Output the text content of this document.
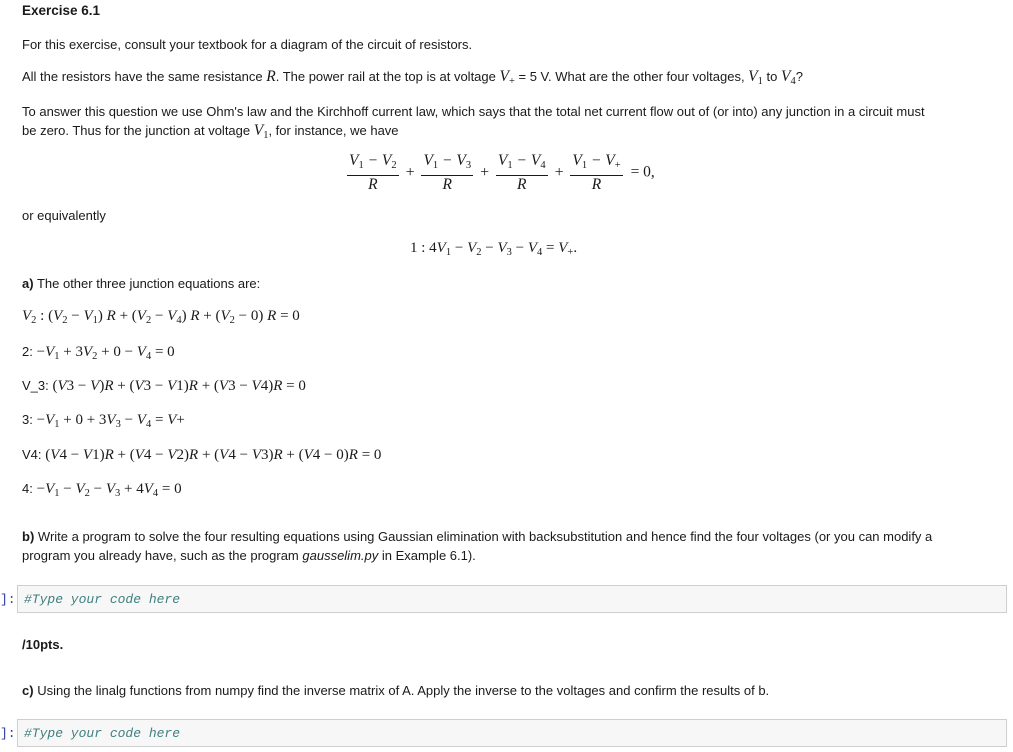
Exercise 6.1
For this exercise, consult your textbook for a diagram of the circuit of resistors.
All the resistors have the same resistance R. The power rail at the top is at voltage $V_+ = 5$ V. What are the other four voltages, $V_1$ to $V_4$?
To answer this question we use Ohm's law and the Kirchhoff current law, which says that the total net current flow out of (or into) any junction in a circuit must
be zero. Thus for the junction at voltage $V_1$, for instance, we have
$\frac{V_1 - V_2}{R} + \frac{V_1 - V_3}{R} + \frac{V_1 - V_4}{R} + \frac{V_1 - V_+}{R} = 0$,
or equivalently
1 : $4V_1 - V_2 - V_3 - V_4 = V_+$.
a) The other three junction equations are:
$V_2$ : $(V_2 - V_1) R + (V_2 - V_4) R + (V_2 - 0) R = 0$
2: $-V_1 + 3V_2 + 0 - V_4 = 0$
V_3: (V3 − V)R + (V3 − V1)R + (V3 − V4)R = 0
3: $-V_1 + 0 + 3V_3 - V_4 = V+$
V4: (V4 − V1)R + (V4 − V2)R + (V4 − V3)R + (V4 − 0)R = 0
4: $-V_1 - V_2 - V_3 + 4V_4 = 0$
b) Write a program to solve the four resulting equations using Gaussian elimination with backsubstitution and hence find the four voltages (or you can modify a
program you already have, such as the program gausselim.py in Example 6.1).
]: #Type your code here
/10pts.
c) Using the linalg functions from numpy find the inverse matrix of A. Apply the inverse to the voltages and confirm the results of b.
]: #Type your code here
